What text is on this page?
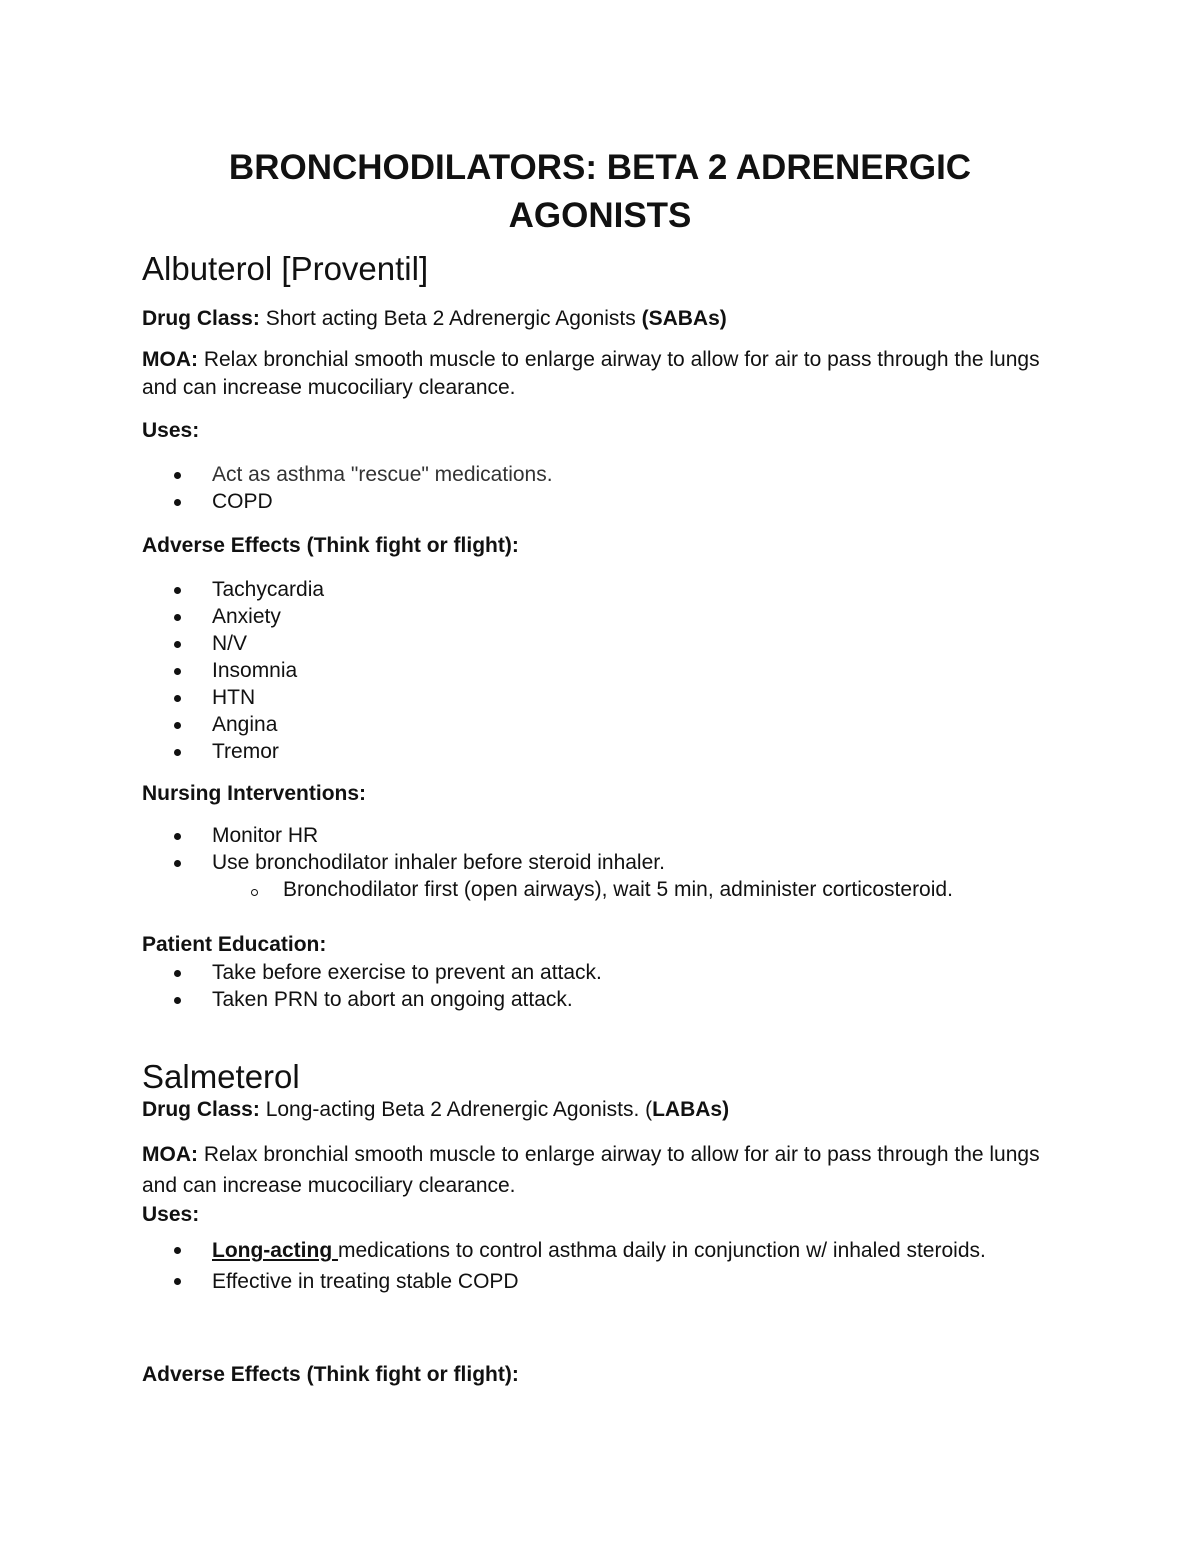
BRONCHODILATORS: BETA 2 ADRENERGIC
AGONISTS
Albuterol [Proventil]

Drug Class: Short acting Beta 2 Adrenergic Agonists (SABAs)

MOA: Relax bronchial smooth muscle to enlarge airway to allow for air to pass through the lungs and can increase mucociliary clearance.

Uses:

Act as asthma "rescue" medications.
COPD

Adverse Effects (Think fight or flight):

Tachycardia
Anxiety
N/V
Insomnia
HTN
Angina
Tremor

Nursing Interventions:

Monitor HR
Use bronchodilator inhaler before steroid inhaler.
Bronchodilator first (open airways), wait 5 min, administer corticosteroid.

Patient Education:

Take before exercise to prevent an attack.
Taken PRN to abort an ongoing attack.
Salmeterol

Drug Class: Long-acting Beta 2 Adrenergic Agonists. (LABAs)

MOA: Relax bronchial smooth muscle to enlarge airway to allow for air to pass through the lungs and can increase mucociliary clearance.

Uses:

Long-acting medications to control asthma daily in conjunction w/ inhaled steroids.
Effective in treating stable COPD

Adverse Effects (Think fight or flight):
